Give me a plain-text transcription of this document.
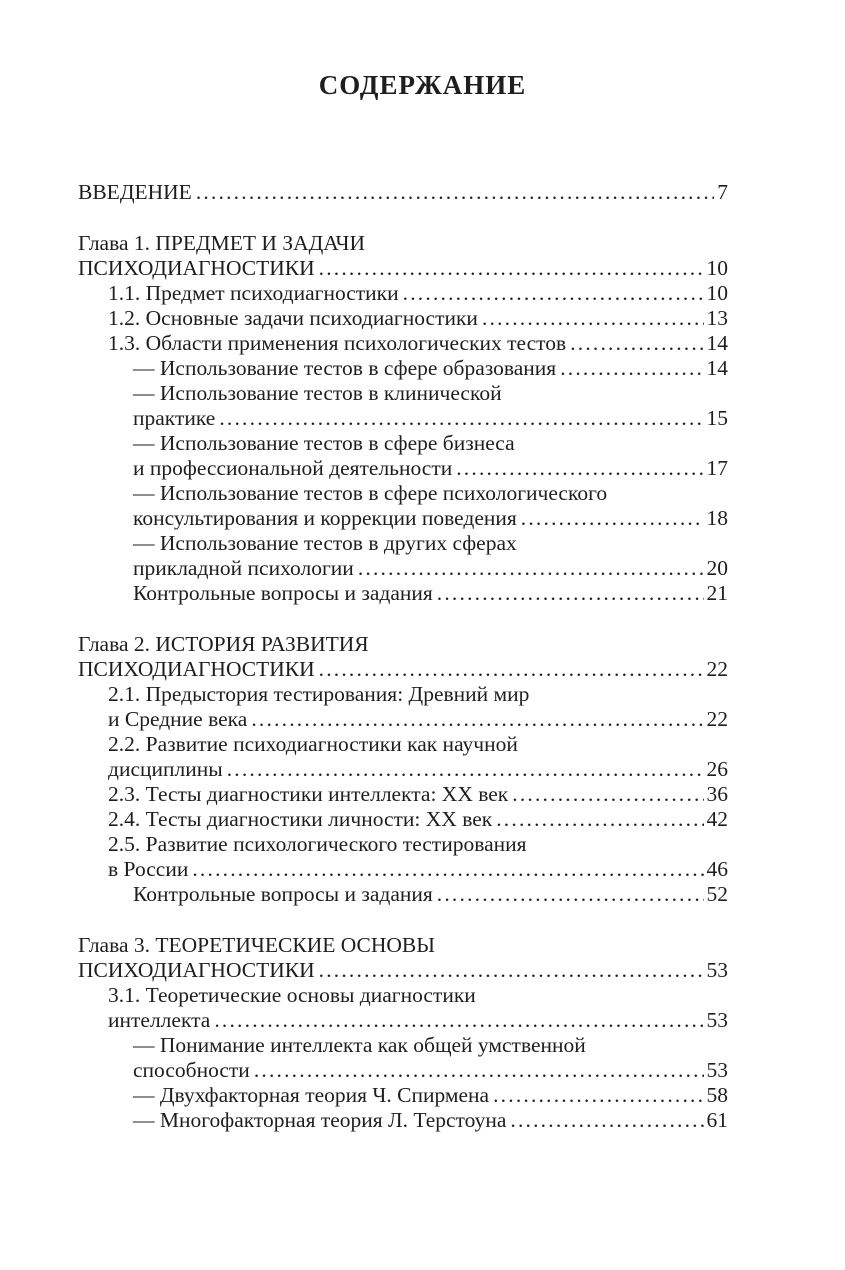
СОДЕРЖАНИЕ
ВВЕДЕНИЕ .....	7
Глава 1. ПРЕДМЕТ И ЗАДАЧИ
ПСИХОДИАГНОСТИКИ .....	10
1.1. Предмет психодиагностики .....	10
1.2. Основные задачи психодиагностики .....	13
1.3. Области применения психологических тестов .....	14
— Использование тестов в сфере образования .....	14
— Использование тестов в клинической
практике .....	15
— Использование тестов в сфере бизнеса
и профессиональной деятельности .....	17
— Использование тестов в сфере психологического
консультирования и коррекции поведения .....	18
— Использование тестов в других сферах
прикладной психологии .....	20
Контрольные вопросы и задания .....	21
Глава 2. ИСТОРИЯ РАЗВИТИЯ
ПСИХОДИАГНОСТИКИ .....	22
2.1. Предыстория тестирования: Древний мир
и Средние века .....	22
2.2. Развитие психодиагностики как научной
дисциплины .....	26
2.3. Тесты диагностики интеллекта: XX век .....	36
2.4. Тесты диагностики личности: XX век .....	42
2.5. Развитие психологического тестирования
в России .....	46
Контрольные вопросы и задания .....	52
Глава 3. ТЕОРЕТИЧЕСКИЕ ОСНОВЫ
ПСИХОДИАГНОСТИКИ .....	53
3.1. Теоретические основы диагностики
интеллекта .....	53
— Понимание интеллекта как общей умственной
способности .....	53
— Двухфакторная теория Ч. Спирмена .....	58
— Многофакторная теория Л. Терстоуна .....	61
